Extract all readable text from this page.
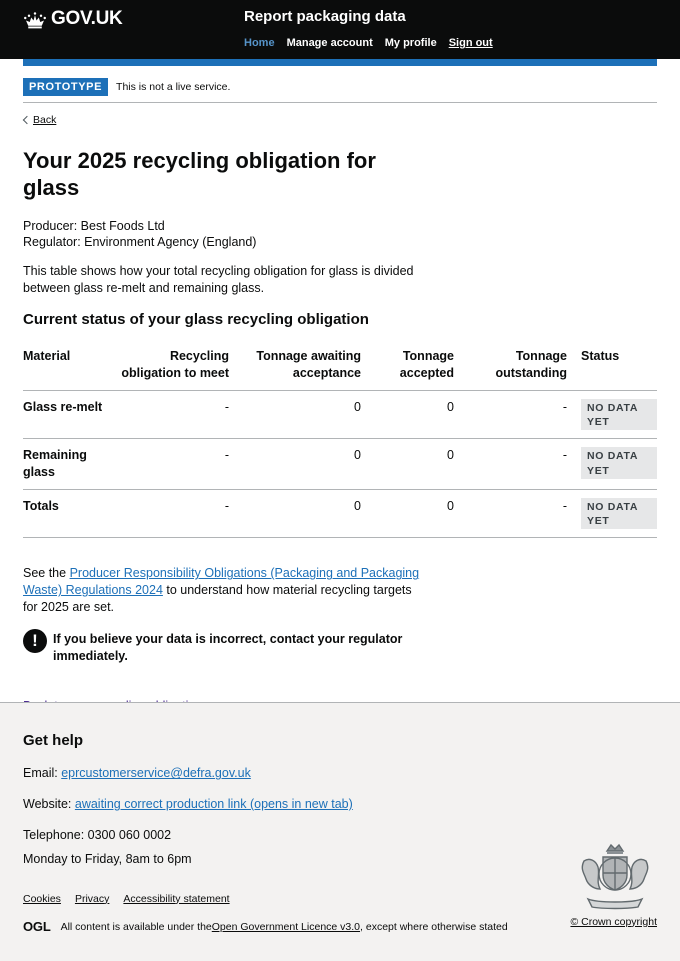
GOV.UK	Report packaging data
Home Manage account My profile Sign out
PROTOTYPE	This is not a live service.
Back
Your 2025 recycling obligation for glass
Producer: Best Foods Ltd
Regulator: Environment Agency (England)

This table shows how your total recycling obligation for glass is divided between glass re-melt and remaining glass.

Current status of your glass recycling obligation
Material	Recycling obligation to meet	Tonnage awaiting acceptance	Tonnage accepted	Tonnage outstanding	Status
Glass re-melt	-	0	0	-	NO DATA YET
Remaining glass	-	0	0	-	NO DATA YET
Totals	-	0	0	-	NO DATA YET

See the Producer Responsibility Obligations (Packaging and Packaging Waste) Regulations 2024 to understand how material recycling targets for 2025 are set.

!	If you believe your data is incorrect, contact your regulator immediately.
Get help
Email: eprcustomerservice@defra.gov.uk
Website: awaiting correct production link (opens in new tab)
Telephone: 0300 060 0002
Monday to Friday, 8am to 6pm
Cookies Privacy Accessibility statement
OGL All content is available under the Open Government Licence v3.0 , except where otherwise stated	© Crown copyright
